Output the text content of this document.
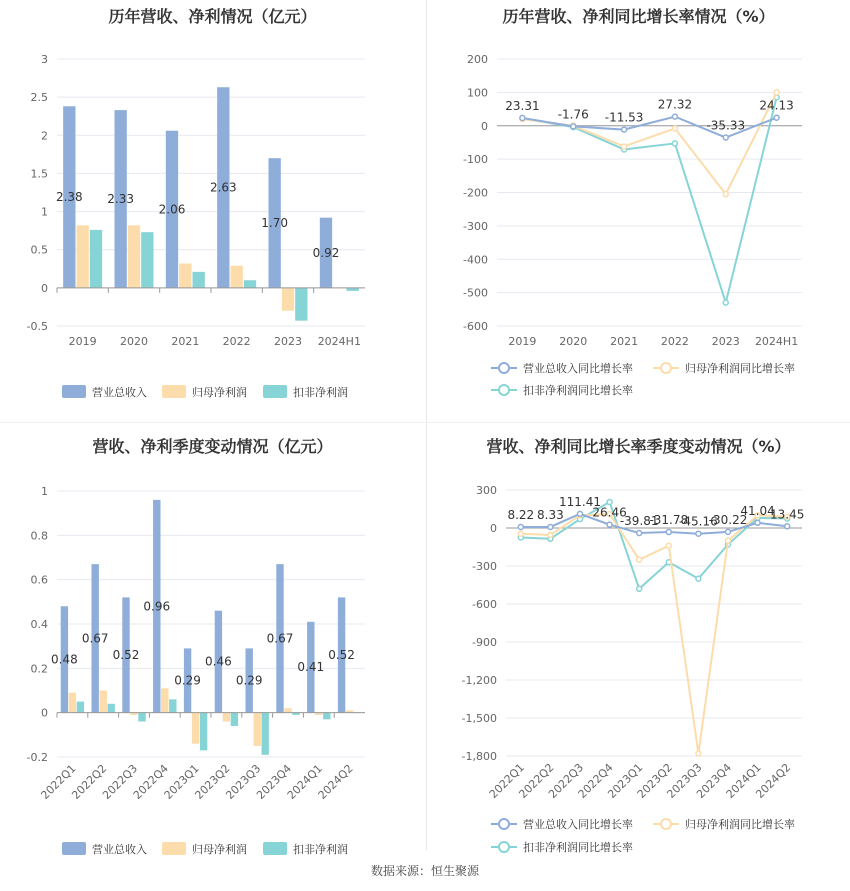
历年营收、净利情况（亿元）
-0.5
0
0.5
1
1.5
2
2.5
3
2.38 2.33
2.06
2.63
1.70
0.92
2019 2020 2021 2022 2023 2024H1
营业总收入	归母净利润	扣非净利润
历年营收、净利同比增长率情况（%）
-600
-500
-400
-300
-200
-100
0
100
200
23.31
-1.76 -11.53
27.32
-35.33
24.13
2019 2020 2021 2022 2023 2024H1
营业总收入同比增长率	归母净利润同比增长率
扣非净利润同比增长率
营收、净利季度变动情况（亿元）
-0.2
0
0.2
0.4
0.6
0.8
1
0.48
0.67
0.52
0.96
0.29
0.46
0.29
0.67
0.41
0.52
2022Q1
2022Q2
2022Q3
2022Q4
2023Q1
2023Q2
2023Q3
2023Q4
2024Q1
2024Q2
营业总收入	归母净利润	扣非净利润
营收、净利同比增长率季度变动情况（%）
-1,800
-1,500
-1,200
-900
-600
-300
0
300
8.22 8.33
111.41
26.46
-39.81
-31.78
-45.16
-30.22
41.04
13.45
2022Q1
2022Q2
2022Q3
2022Q4
2023Q1
2023Q2
2023Q3
2023Q4
2024Q1
2024Q2
营业总收入同比增长率	归母净利润同比增长率
扣非净利润同比增长率
数据来源：恒生聚源
